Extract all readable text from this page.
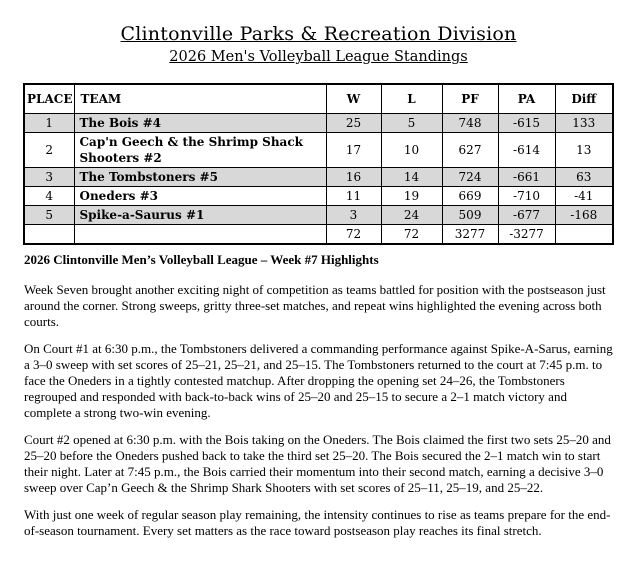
Clintonville Parks & Recreation Division
2026 Men's Volleyball League Standings
PLACE	TEAM	W	L	PF	PA	Diff
1	The Bois #4	25	5	748	-615	133
2	Cap'n Geech & the Shrimp Shack Shooters #2	17	10	627	-614	13
3	The Tombstoners #5	16	14	724	-661	63
4	Oneders #3	11	19	669	-710	-41
5	Spike-a-Saurus #1	3	24	509	-677	-168
		72	72	3277	-3277	
2026 Clintonville Men’s Volleyball League – Week #7 Highlights

Week Seven brought another exciting night of competition as teams battled for position with the postseason just around the corner. Strong sweeps, gritty three-set matches, and repeat wins highlighted the evening across both courts.

On Court #1 at 6:30 p.m., the Tombstoners delivered a commanding performance against Spike-A-Sarus, earning a 3–0 sweep with set scores of 25–21, 25–21, and 25–15. The Tombstoners returned to the court at 7:45 p.m. to face the Oneders in a tightly contested matchup. After dropping the opening set 24–26, the Tombstoners regrouped and responded with back-to-back wins of 25–20 and 25–15 to secure a 2–1 match victory and complete a strong two-win evening.

Court #2 opened at 6:30 p.m. with the Bois taking on the Oneders. The Bois claimed the first two sets 25–20 and 25–20 before the Oneders pushed back to take the third set 25–20. The Bois secured the 2–1 match win to start their night. Later at 7:45 p.m., the Bois carried their momentum into their second match, earning a decisive 3–0 sweep over Cap’n Geech & the Shrimp Shark Shooters with set scores of 25–11, 25–19, and 25–22.

With just one week of regular season play remaining, the intensity continues to rise as teams prepare for the end-of-season tournament. Every set matters as the race toward postseason play reaches its final stretch.
